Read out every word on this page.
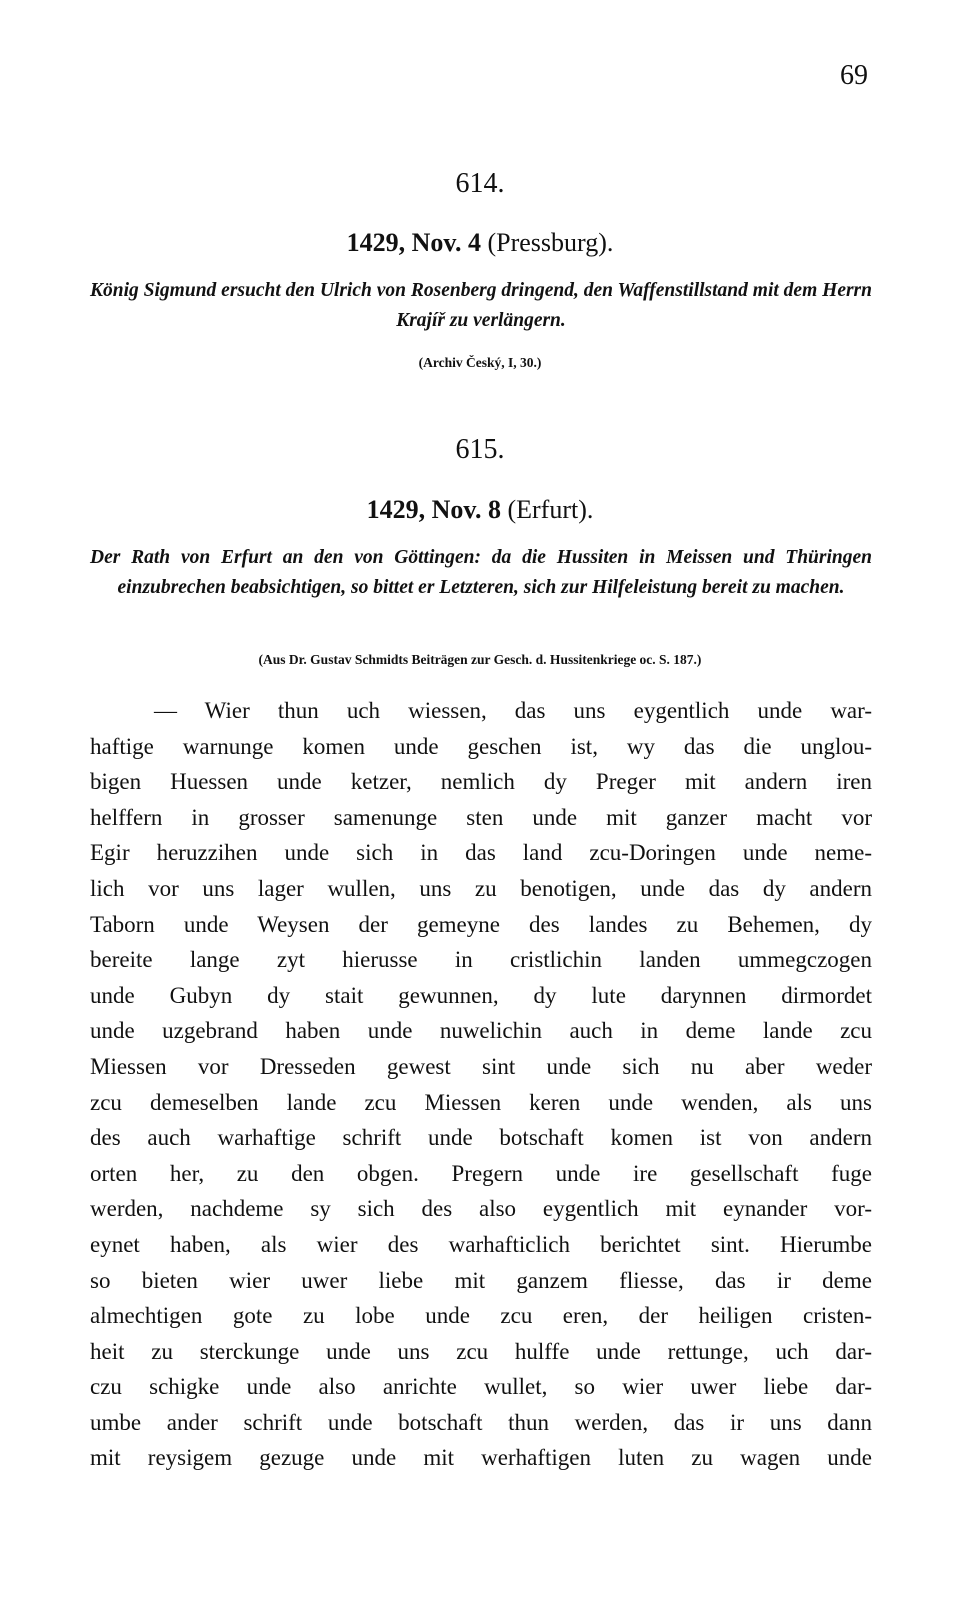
69
614.
1429, Nov. 4 (Pressburg).
König Sigmund ersucht den Ulrich von Rosenberg dringend, den Waffenstillstand mit dem Herrn Krajíř zu verlängern.
(Archiv Český, I, 30.)
615.
1429, Nov. 8 (Erfurt).
Der Rath von Erfurt an den von Göttingen: da die Hussiten in Meissen und Thüringen einzubrechen beabsichtigen, so bittet er Letzteren, sich zur Hilfeleistung bereit zu machen.
(Aus Dr. Gustav Schmidts Beiträgen zur Gesch. d. Hussitenkriege oc. S. 187.)
— Wier thun uch wiessen, das uns eygentlich unde war-
haftige warnunge komen unde geschen ist, wy das die unglou-
bigen Huessen unde ketzer, nemlich dy Preger mit andern iren
helffern in grosser samenunge sten unde mit ganzer macht vor
Egir heruzzihen unde sich in das land zcu-Doringen unde neme-
lich vor uns lager wullen, uns zu benotigen, unde das dy andern
Taborn unde Weysen der gemeyne des landes zu Behemen, dy
bereite lange zyt hierusse in cristlichin landen ummegczogen
unde Gubyn dy stait gewunnen, dy lute darynnen dirmordet
unde uzgebrand haben unde nuwelichin auch in deme lande zcu
Miessen vor Dresseden gewest sint unde sich nu aber weder
zcu demeselben lande zcu Miessen keren unde wenden, als uns
des auch warhaftige schrift unde botschaft komen ist von andern
orten her, zu den obgen. Pregern unde ire gesellschaft fuge
werden, nachdeme sy sich des also eygentlich mit eynander vor-
eynet haben, als wier des warhafticlich berichtet sint. Hierumbe
so bieten wier uwer liebe mit ganzem fliesse, das ir deme
almechtigen gote zu lobe unde zcu eren, der heiligen cristen-
heit zu sterckunge unde uns zcu hulffe unde rettunge, uch dar-
czu schigke unde also anrichte wullet, so wier uwer liebe dar-
umbe ander schrift unde botschaft thun werden, das ir uns dann
mit reysigem gezuge unde mit werhaftigen luten zu wagen unde
